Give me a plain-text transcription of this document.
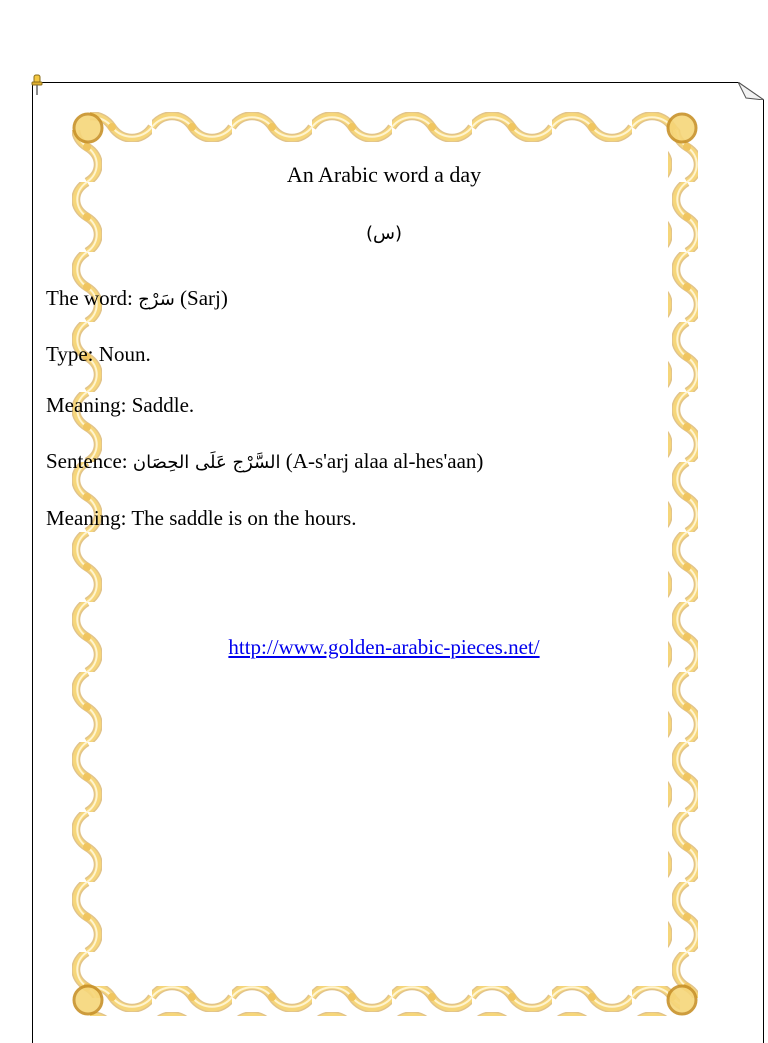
An Arabic word a day
(س)
The word: سَرْج (Sarj)
Type: Noun.
Meaning: Saddle.
Sentence: السَّرْج عَلَى الحِصَان (A-s'arj alaa al-hes'aan)
Meaning: The saddle is on the hours.
http://www.golden-arabic-pieces.net/
